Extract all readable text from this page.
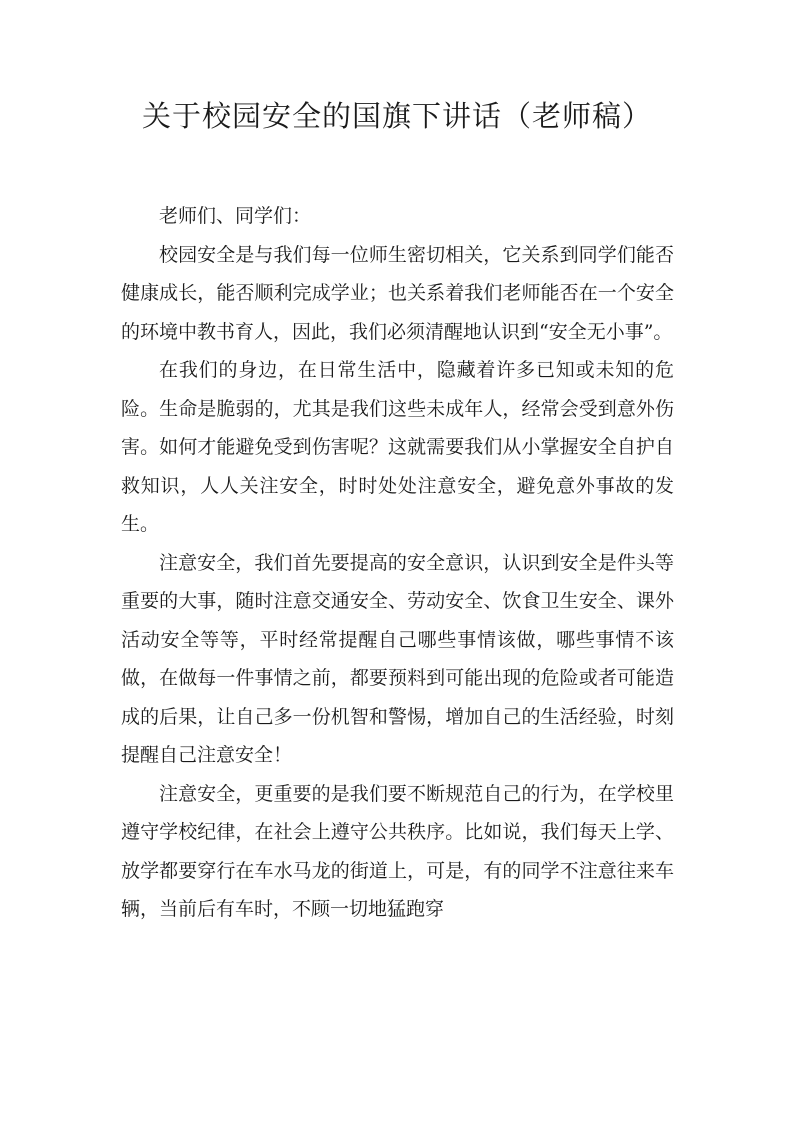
关于校园安全的国旗下讲话（老师稿）

老师们、同学们：

校园安全是与我们每一位师生密切相关，它关系到同学们能否健康成长，能否顺利完成学业；也关系着我们老师能否在一个安全的环境中教书育人，因此，我们必须清醒地认识到“安全无小事”。

在我们的身边，在日常生活中，隐藏着许多已知或未知的危险。生命是脆弱的，尤其是我们这些未成年人，经常会受到意外伤害。如何才能避免受到伤害呢？这就需要我们从小掌握安全自护自救知识，人人关注安全，时时处处注意安全，避免意外事故的发生。

注意安全，我们首先要提高的安全意识，认识到安全是件头等重要的大事，随时注意交通安全、劳动安全、饮食卫生安全、课外活动安全等等，平时经常提醒自己哪些事情该做，哪些事情不该做，在做每一件事情之前，都要预料到可能出现的危险或者可能造成的后果，让自己多一份机智和警惕，增加自己的生活经验，时刻提醒自己注意安全！

注意安全，更重要的是我们要不断规范自己的行为，在学校里遵守学校纪律，在社会上遵守公共秩序。比如说，我们每天上学、放学都要穿行在车水马龙的街道上，可是，有的同学不注意往来车辆，当前后有车时，不顾一切地猛跑穿
